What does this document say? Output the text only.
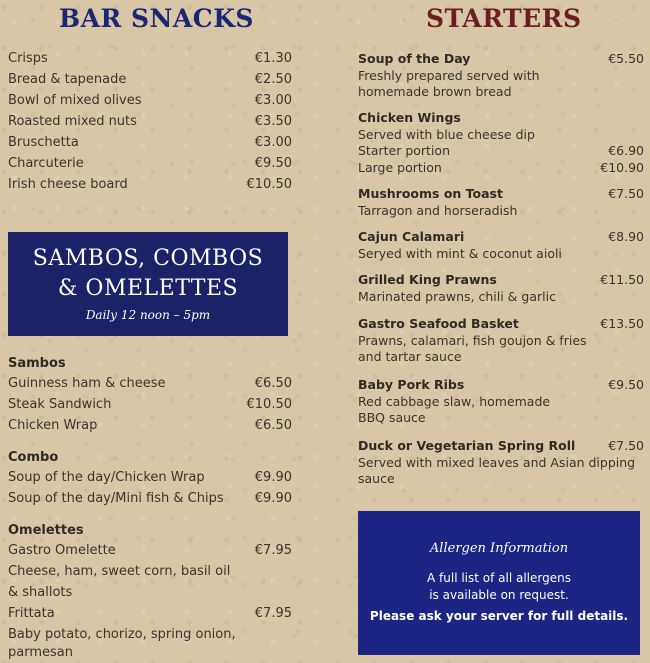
BAR SNACKS
Crisps	€1.30
Bread & tapenade	€2.50
Bowl of mixed olives	€3.00
Roasted mixed nuts	€3.50
Bruschetta	€3.00
Charcuterie	€9.50
Irish cheese board	€10.50
SAMBOS, COMBOS
& OMELETTES
Daily 12 noon – 5pm
Sambos
Guinness ham & cheese	€6.50
Steak Sandwich	€10.50
Chicken Wrap	€6.50
Combo
Soup of the day/Chicken Wrap	€9.90
Soup of the day/Mini fish & Chips €9.90
Omelettes
Gastro Omelette	€7.95
Cheese, ham, sweet corn, basil oil
& shallots
Frittata	€7.95
Baby potato, chorizo, spring onion,
parmesan
STARTERS
Soup of the Day	€5.50
Freshly prepared served with
homemade brown bread
Chicken Wings
Served with blue cheese dip
Starter portion	€6.90
Large portion	€10.90
Mushrooms on Toast	€7.50
Tarragon and horseradish
Cajun Calamari	€8.90
Seryed with mint & coconut aioli
Grilled King Prawns	€11.50
Marinated prawns, chili & garlic
Gastro Seafood Basket	€13.50
Prawns, calamari, fish goujon & fries
and tartar sauce
Baby Pork Ribs	€9.50
Red cabbage slaw, homemade
BBQ sauce
Duck or Vegetarian Spring Roll	€7.50
Served with mixed leaves and Asian dipping
sauce
Allergen Information
A full list of all allergens
is available on request.
Please ask your server for full details.
